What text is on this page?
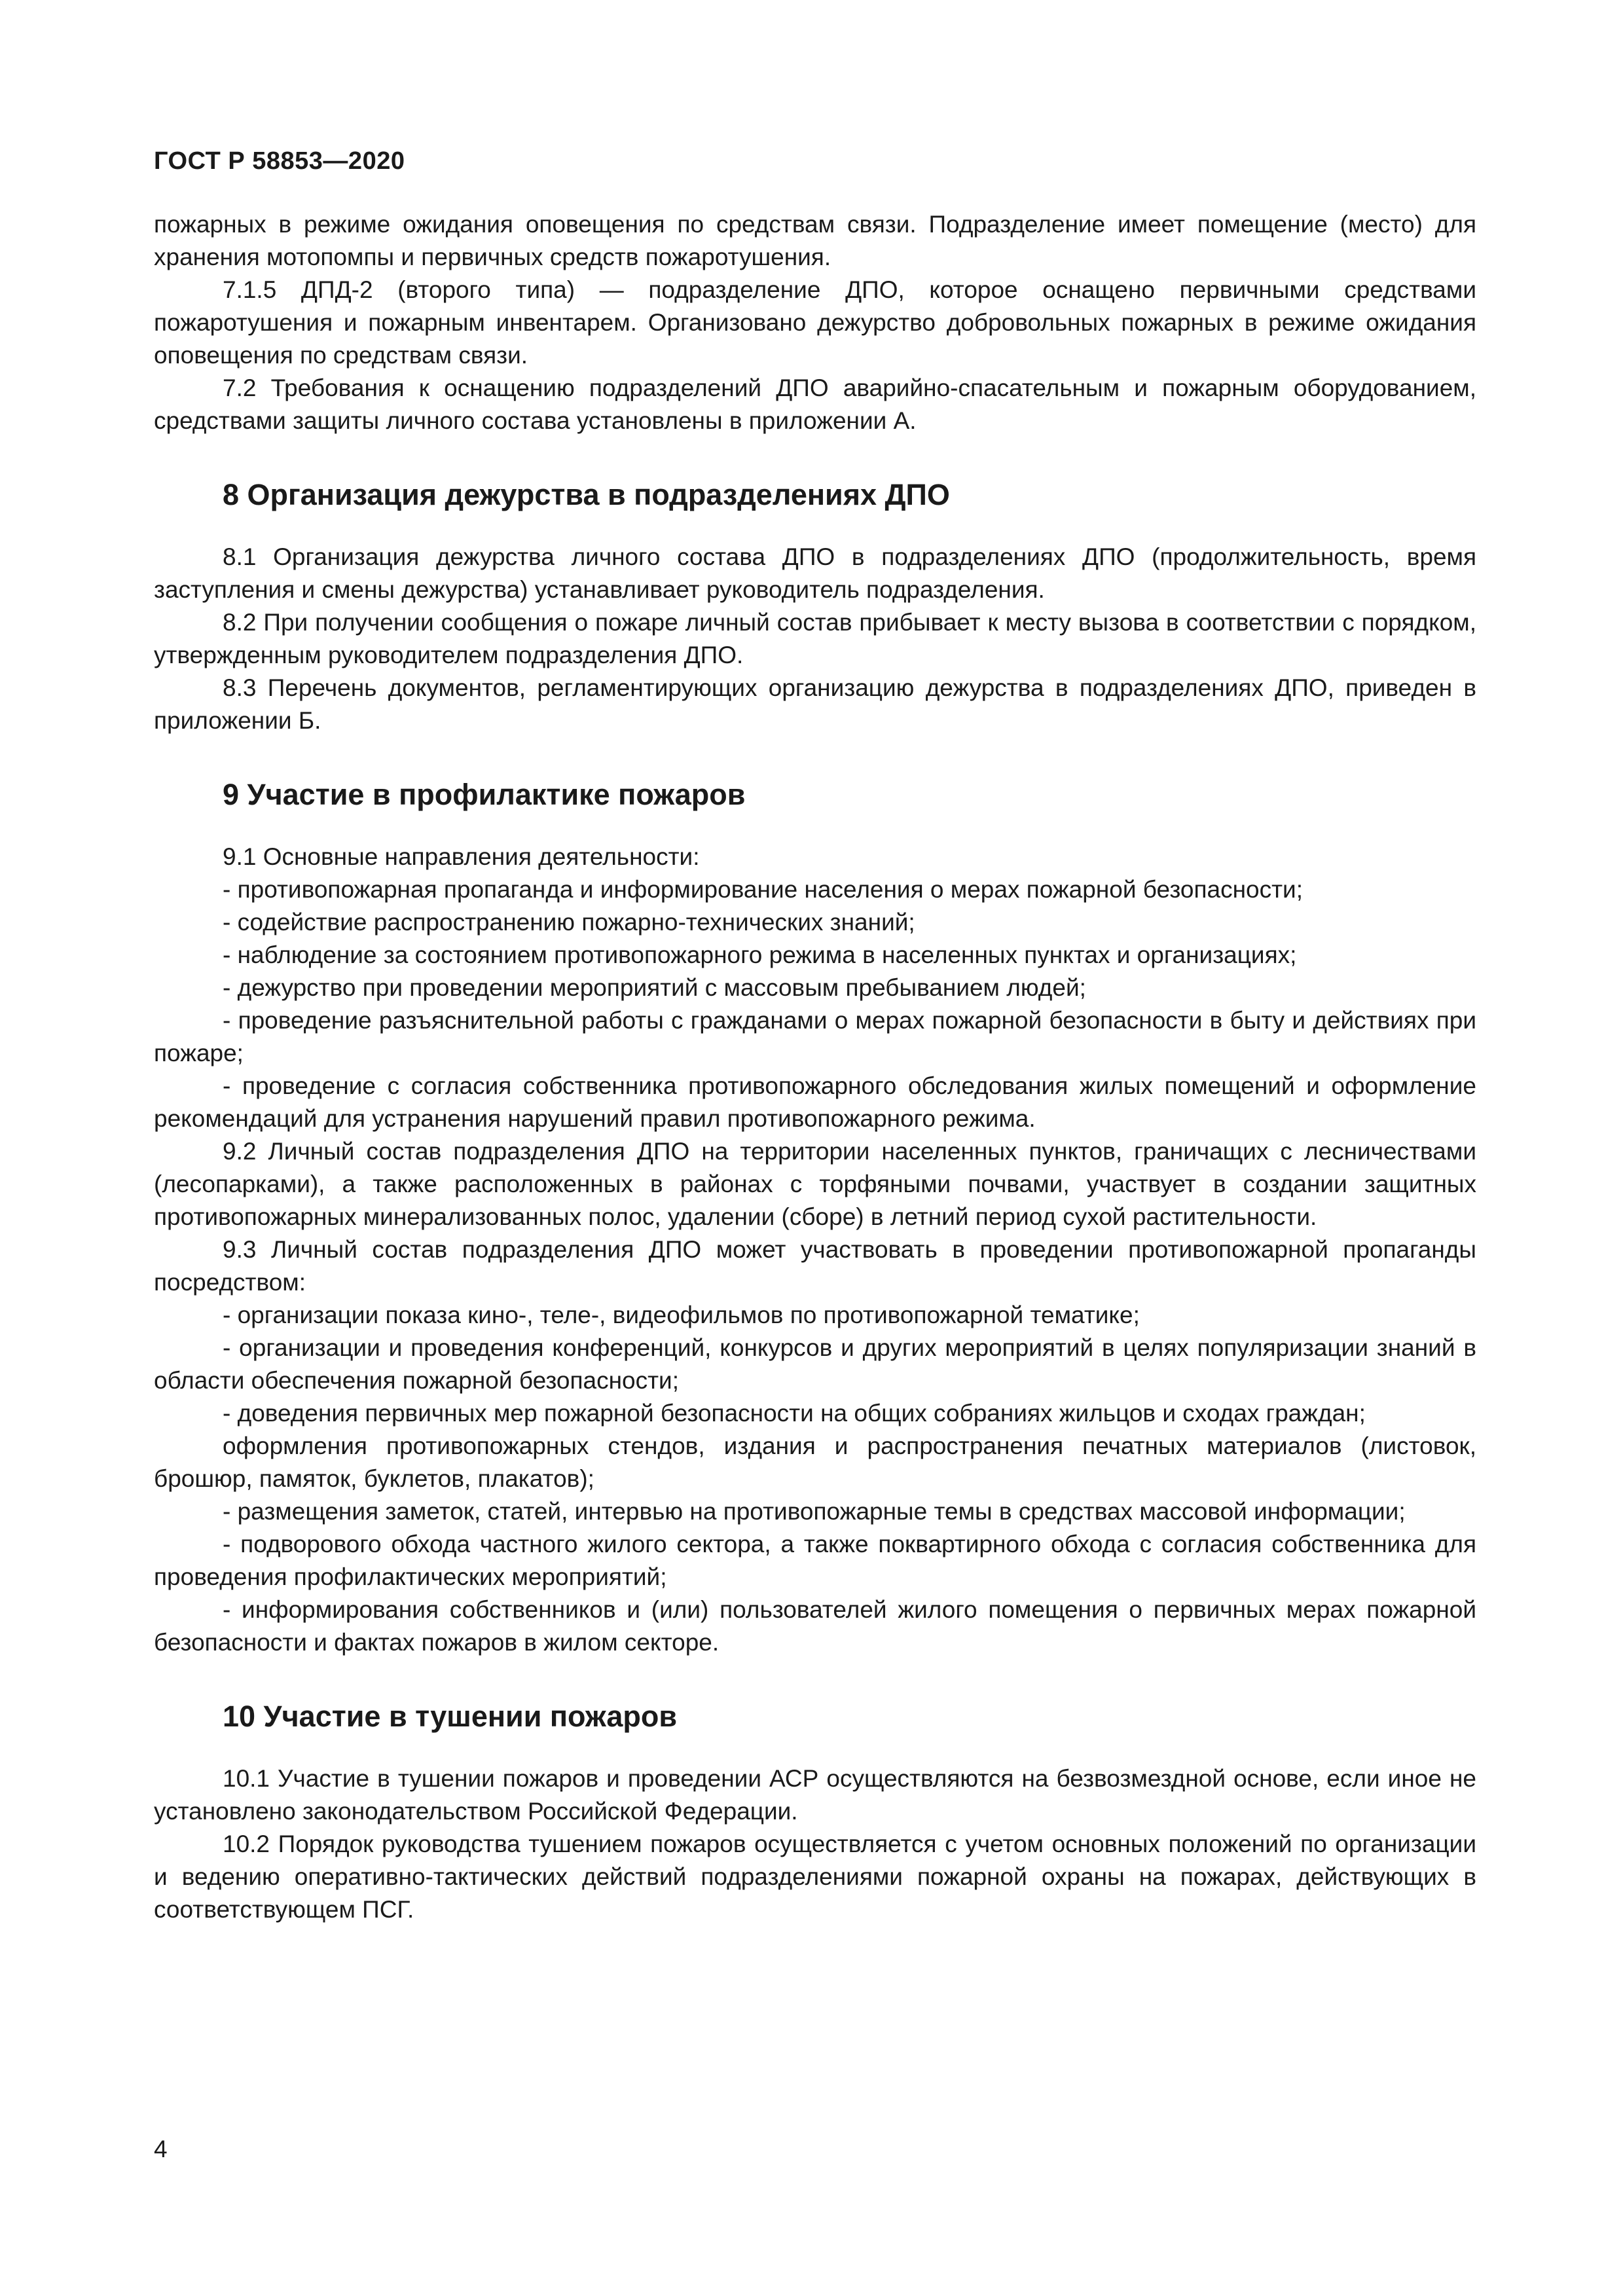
ГОСТ Р 58853—2020

пожарных в режиме ожидания оповещения по средствам связи. Подразделение имеет помещение (место) для хранения мотопомпы и первичных средств пожаротушения.

7.1.5 ДПД-2 (второго типа) — подразделение ДПО, которое оснащено первичными средствами пожаротушения и пожарным инвентарем. Организовано дежурство добровольных пожарных в режиме ожидания оповещения по средствам связи.

7.2 Требования к оснащению подразделений ДПО аварийно-спасательным и пожарным оборудованием, средствами защиты личного состава установлены в приложении А.

8 Организация дежурства в подразделениях ДПО

8.1 Организация дежурства личного состава ДПО в подразделениях ДПО (продолжительность, время заступления и смены дежурства) устанавливает руководитель подразделения.

8.2 При получении сообщения о пожаре личный состав прибывает к месту вызова в соответствии с порядком, утвержденным руководителем подразделения ДПО.

8.3 Перечень документов, регламентирующих организацию дежурства в подразделениях ДПО, приведен в приложении Б.

9 Участие в профилактике пожаров

9.1 Основные направления деятельности:

- противопожарная пропаганда и информирование населения о мерах пожарной безопасности;

- содействие распространению пожарно-технических знаний;

- наблюдение за состоянием противопожарного режима в населенных пунктах и организациях;

- дежурство при проведении мероприятий с массовым пребыванием людей;

- проведение разъяснительной работы с гражданами о мерах пожарной безопасности в быту и действиях при пожаре;

- проведение с согласия собственника противопожарного обследования жилых помещений и оформление рекомендаций для устранения нарушений правил противопожарного режима.

9.2 Личный состав подразделения ДПО на территории населенных пунктов, граничащих с лесничествами (лесопарками), а также расположенных в районах с торфяными почвами, участвует в создании защитных противопожарных минерализованных полос, удалении (сборе) в летний период сухой растительности.

9.3 Личный состав подразделения ДПО может участвовать в проведении противопожарной пропаганды посредством:

- организации показа кино-, теле-, видеофильмов по противопожарной тематике;

- организации и проведения конференций, конкурсов и других мероприятий в целях популяризации знаний в области обеспечения пожарной безопасности;

- доведения первичных мер пожарной безопасности на общих собраниях жильцов и сходах граждан;

оформления противопожарных стендов, издания и распространения печатных материалов (листовок, брошюр, памяток, буклетов, плакатов);

- размещения заметок, статей, интервью на противопожарные темы в средствах массовой информации;

- подворового обхода частного жилого сектора, а также поквартирного обхода с согласия собственника для проведения профилактических мероприятий;

- информирования собственников и (или) пользователей жилого помещения о первичных мерах пожарной безопасности и фактах пожаров в жилом секторе.

10 Участие в тушении пожаров

10.1 Участие в тушении пожаров и проведении АСР осуществляются на безвозмездной основе, если иное не установлено законодательством Российской Федерации.

10.2 Порядок руководства тушением пожаров осуществляется с учетом основных положений по организации и ведению оперативно-тактических действий подразделениями пожарной охраны на пожарах, действующих в соответствующем ПСГ.

4
